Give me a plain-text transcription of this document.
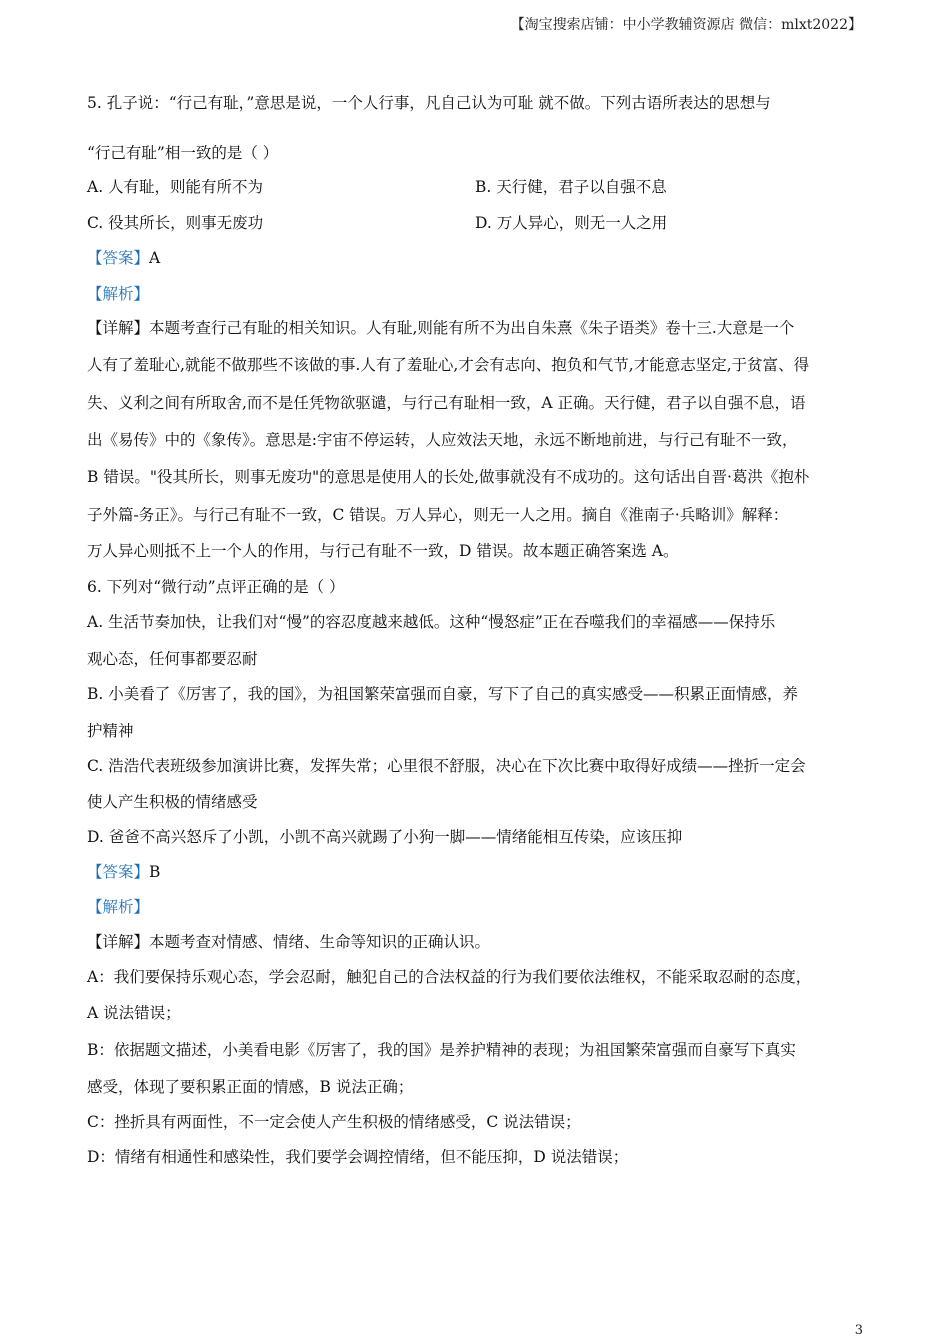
【淘宝搜索店铺：中小学教辅资源店 微信：mlxt2022】
5. 孔子说：“行己有耻，”意思是说，一个人行事，凡自己认为可耻 就不做。下列古语所表达的思想与
“行己有耻”相一致的是（ ）
A. 人有耻，则能有所不为	B. 天行健，君子以自强不息
C. 役其所长，则事无废功	D. 万人异心，则无一人之用
【答案】A
【解析】
【详解】本题考查行己有耻的相关知识。人有耻,则能有所不为出自朱熹《朱子语类》卷十三.大意是一个
人有了羞耻心,就能不做那些不该做的事.人有了羞耻心,才会有志向、抱负和气节,才能意志坚定,于贫富、得
失、义利之间有所取舍,而不是任凭物欲驱谴，与行己有耻相一致，A 正确。天行健，君子以自强不息，语
出《易传》中的《象传》。意思是:宇宙不停运转，人应效法天地，永远不断地前进，与行己有耻不一致，
B 错误。"役其所长，则事无废功"的意思是使用人的长处,做事就没有不成功的。这句话出自晋·葛洪《抱朴
子外篇-务正》。与行己有耻不一致，C 错误。万人异心，则无一人之用。摘自《淮南子·兵略训》解释：
万人异心则抵不上一个人的作用，与行己有耻不一致，D 错误。故本题正确答案选 A。
6. 下列对“微行动”点评正确的是（ ）
A. 生活节奏加快，让我们对“慢”的容忍度越来越低。这种“慢怒症”正在吞噬我们的幸福感——保持乐
观心态，任何事都要忍耐
B. 小美看了《厉害了，我的国》，为祖国繁荣富强而自豪，写下了自己的真实感受——积累正面情感，养
护精神
C. 浩浩代表班级参加演讲比赛，发挥失常；心里很不舒服，决心在下次比赛中取得好成绩——挫折一定会
使人产生积极的情绪感受
D. 爸爸不高兴怒斥了小凯，小凯不高兴就踢了小狗一脚——情绪能相互传染，应该压抑
【答案】B
【解析】
【详解】本题考查对情感、情绪、生命等知识的正确认识。
A：我们要保持乐观心态，学会忍耐，触犯自己的合法权益的行为我们要依法维权，不能采取忍耐的态度，
A 说法错误；
B：依据题文描述，小美看电影《厉害了，我的国》是养护精神的表现；为祖国繁荣富强而自豪写下真实
感受，体现了要积累正面的情感，B 说法正确；
C：挫折具有两面性，不一定会使人产生积极的情绪感受，C 说法错误；
D：情绪有相通性和感染性，我们要学会调控情绪，但不能压抑，D 说法错误；
3
